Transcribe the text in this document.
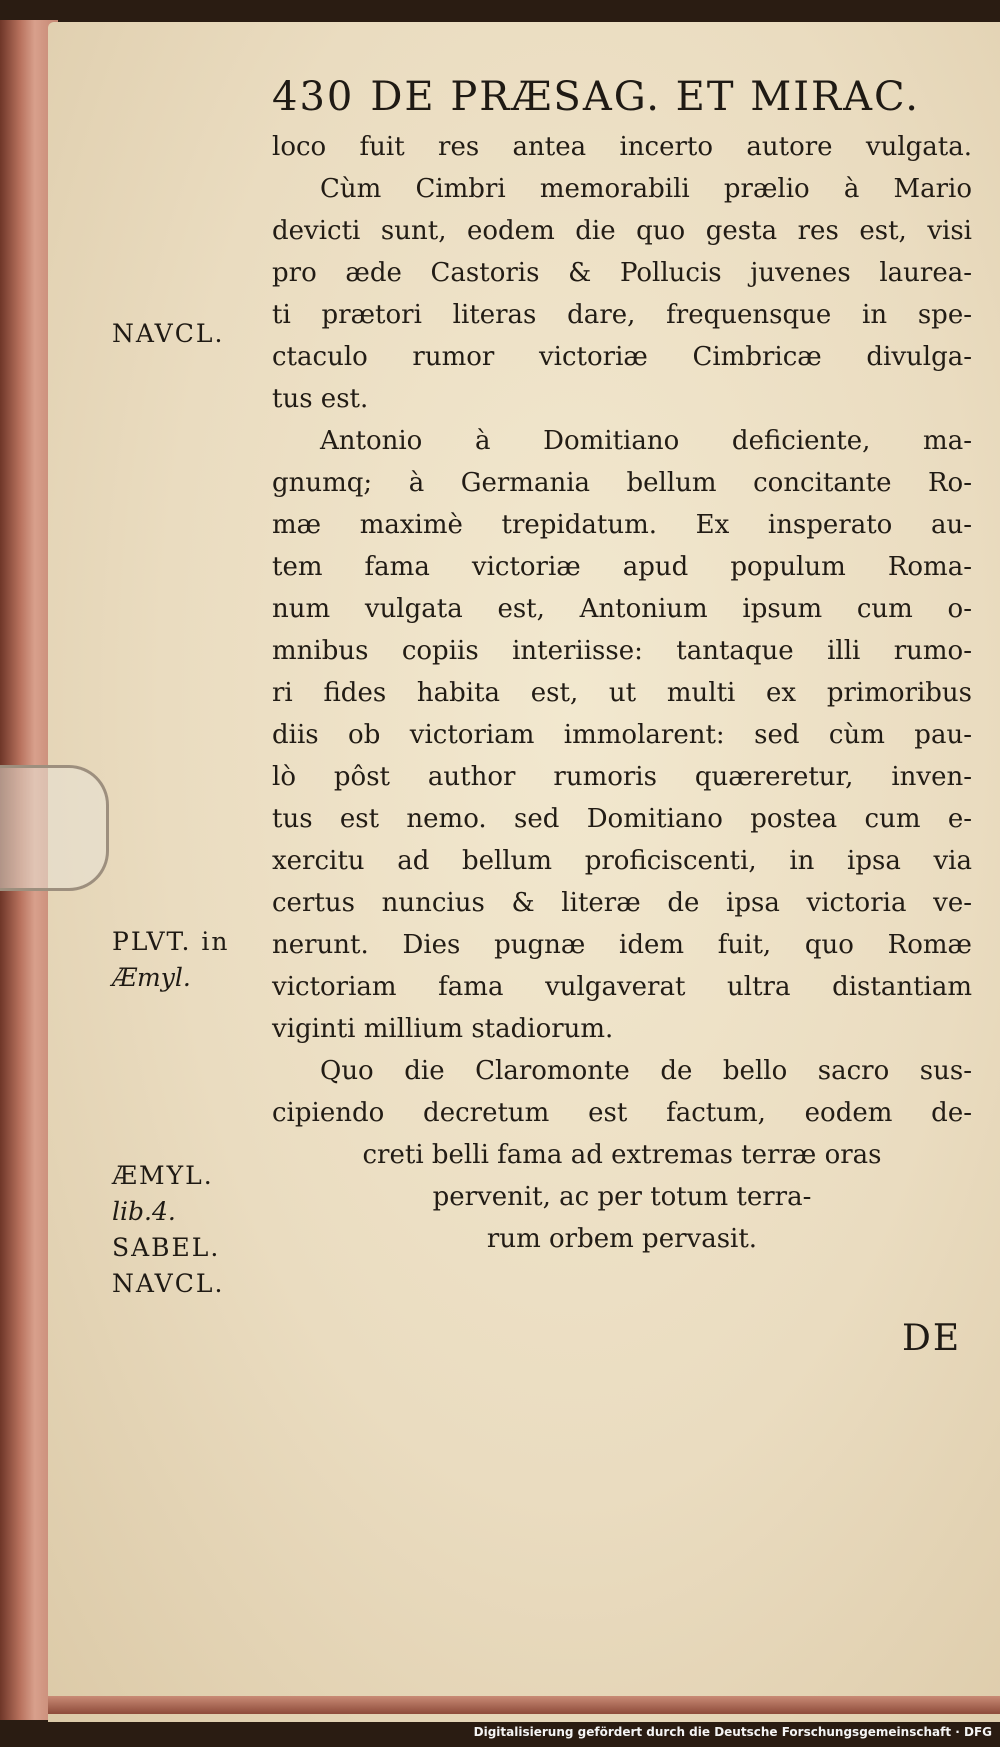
430 DE PRÆSAG. ET MIRAC.
loco fuit res antea incerto autore vulgata.
Cùm Cimbri memorabili prælio à Mario
devicti sunt, eodem die quo gesta res est, visi
pro æde Castoris & Pollucis juvenes laurea-
ti prætori literas dare, frequensque in spe-
ctaculo rumor victoriæ Cimbricæ divulga-
tus est.
Antonio à Domitiano deficiente, ma-
gnumq; à Germania bellum concitante Ro-
mæ maximè trepidatum. Ex insperato au-
tem fama victoriæ apud populum Roma-
num vulgata est, Antonium ipsum cum o-
mnibus copiis interiisse: tantaque illi rumo-
ri fides habita est, ut multi ex primoribus
diis ob victoriam immolarent: sed cùm pau-
lò pôst author rumoris quæreretur, inven-
tus est nemo. sed Domitiano postea cum e-
xercitu ad bellum proficiscenti, in ipsa via
certus nuncius & literæ de ipsa victoria ve-
nerunt. Dies pugnæ idem fuit, quo Romæ
victoriam fama vulgaverat ultra distantiam
viginti millium stadiorum.
Quo die Claromonte de bello sacro sus-
cipiendo decretum est factum, eodem de-
creti belli fama ad extremas terræ oras
pervenit, ac per totum terra-
rum orbem pervasit.
NAVCL.
PLVT. in
Æmyl.
ÆMYL.
lib.4.
SABEL.
NAVCL.
DE
Digitalisierung gefördert durch die Deutsche Forschungsgemeinschaft · DFG
